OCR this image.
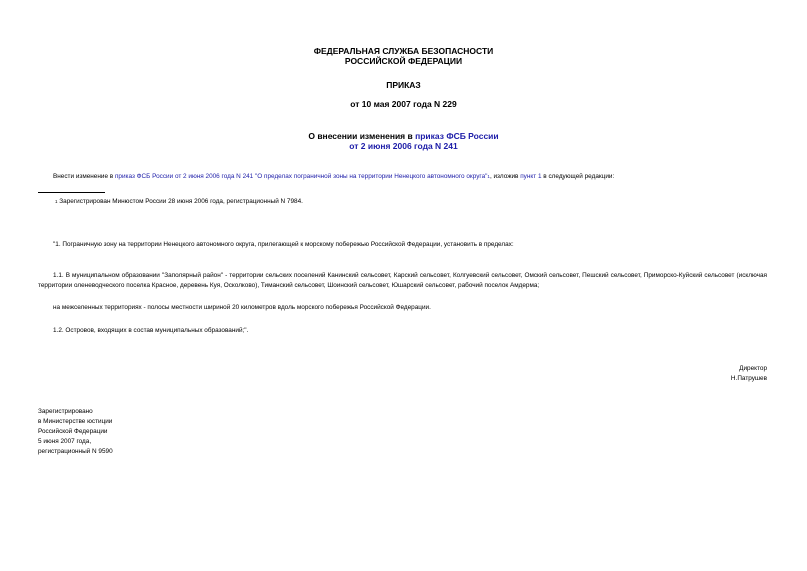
ФЕДЕРАЛЬНАЯ СЛУЖБА БЕЗОПАСНОСТИ
РОССИЙСКОЙ ФЕДЕРАЦИИ
ПРИКАЗ
от 10 мая 2007 года N 229
О внесении изменения в приказ ФСБ России
от 2 июня 2006 года N 241
Внести изменение в приказ ФСБ России от 2 июня 2006 года N 241 "О пределах пограничной зоны на территории Ненецкого автономного округа"$^1$, изложив пункт 1 в следующей редакции:
$^1$ Зарегистрирован Минюстом России 28 июня 2006 года, регистрационный N 7984.
"1. Пограничную зону на территории Ненецкого автономного округа, прилегающей к морскому побережью Российской Федерации, установить в пределах:
1.1. В муниципальном образовании "Заполярный район" - территории сельских поселений Канинский сельсовет, Карский сельсовет, Колгуевский сельсовет, Омский сельсовет, Пешский сельсовет, Приморско-Куйский сельсовет (исключая территории оленеводческого поселка Красное, деревень Куя, Осколково), Тиманский сельсовет, Шоинский сельсовет, Юшарский сельсовет, рабочий поселок Амдерма;
на межселенных территориях - полосы местности шириной 20 километров вдоль морского побережья Российской Федерации.
1.2. Островов, входящих в состав муниципальных образований;".
Директор
Н.Патрушев
Зарегистрировано
в Министерстве юстиции
Российской Федерации
5 июня 2007 года,
регистрационный N 9590
